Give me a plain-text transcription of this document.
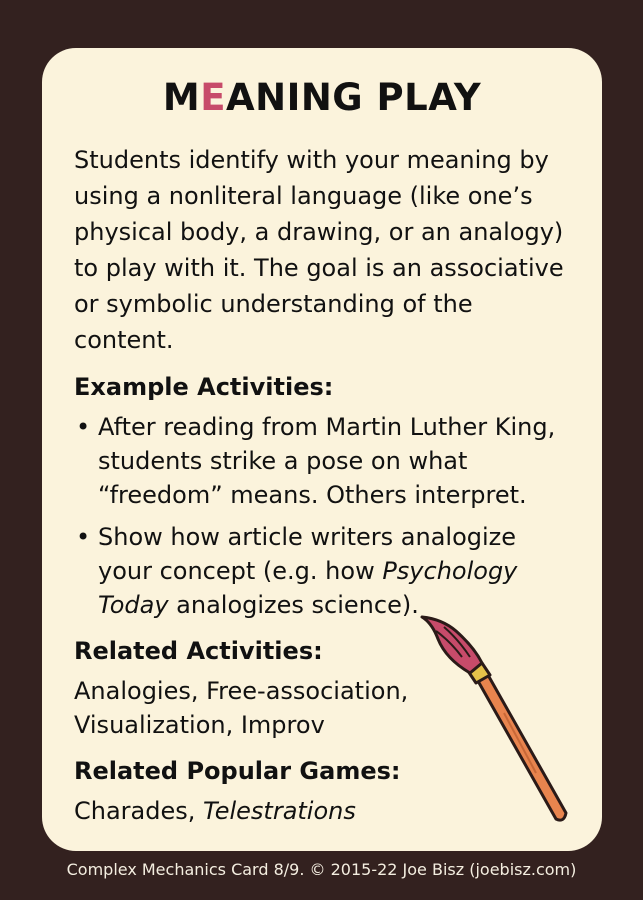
MEANING PLAY

Students identify with your meaning by using a nonliteral language (like one’s physical body, a drawing, or an analogy) to play with it. The goal is an associative or symbolic understanding of the content.

Example Activities:
• After reading from Martin Luther King, students strike a pose on what “freedom” means. Others interpret.
• Show how article writers analogize your concept (e.g. how Psychology Today analogizes science).
Related Activities:

Analogies, Free-association, Visualization, Improv

Related Popular Games:

Charades, Telestrations

Complex Mechanics Card 8/9. © 2015-22 Joe Bisz (joebisz.com)
